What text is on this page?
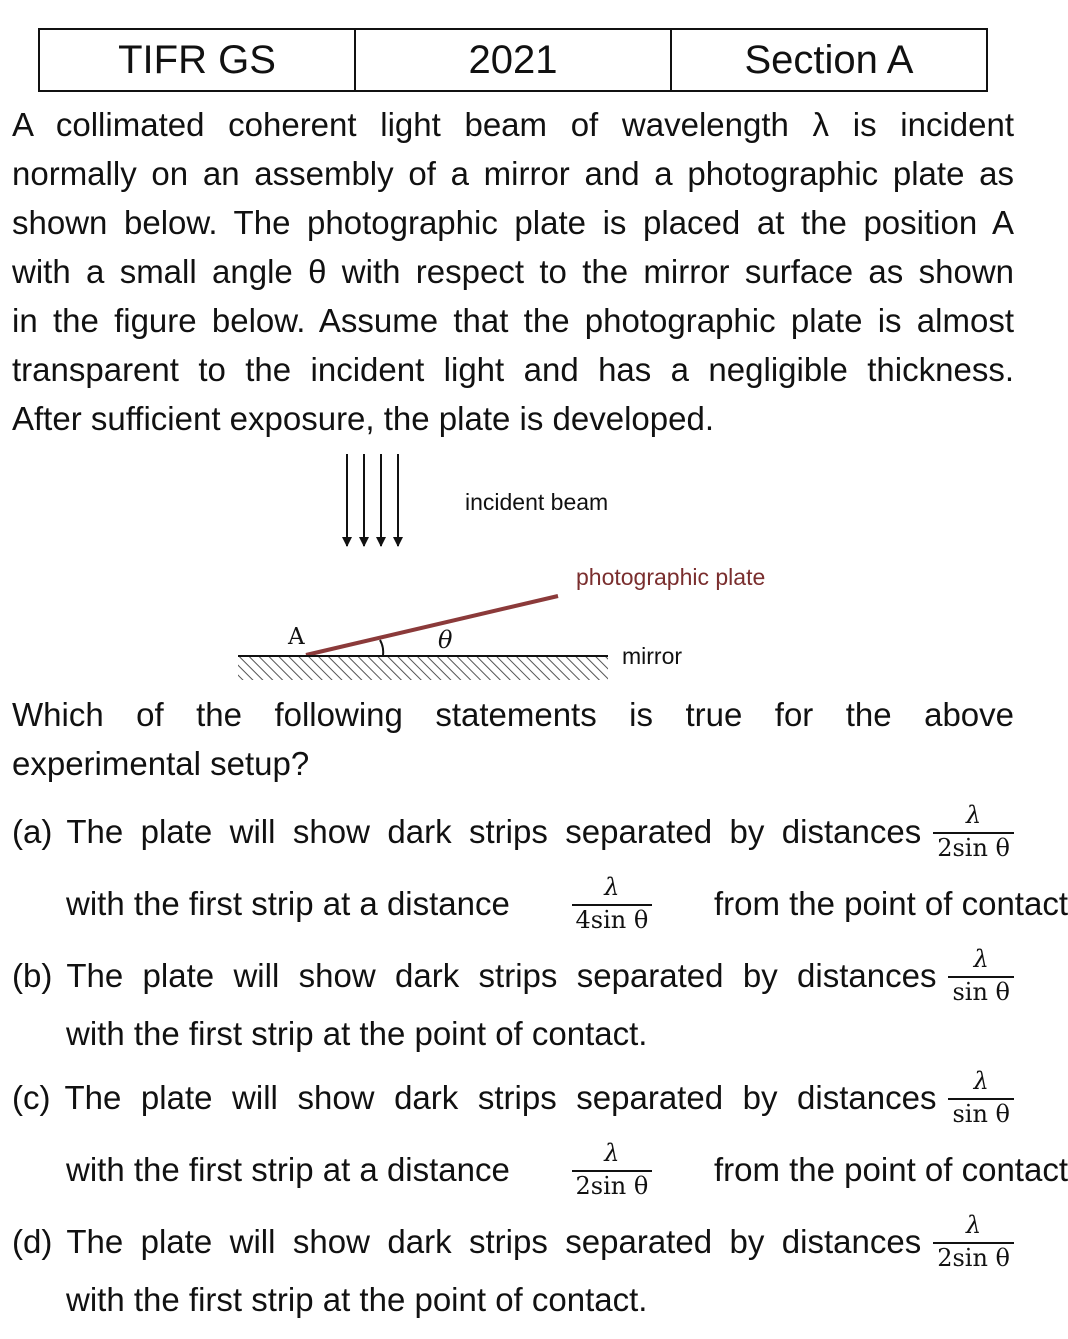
TIFR GS	2021	Section A
A collimated coherent light beam of wavelength λ is incident
normally on an assembly of a mirror and a photographic plate as
shown below. The photographic plate is placed at the position A
with a small angle θ with respect to the mirror surface as shown
in the figure below. Assume that the photographic plate is almost
transparent to the incident light and has a negligible thickness.
After sufficient exposure, the plate is developed.
incident beam
photographic plate
A	θ
mirror
Which of the following statements is true for the above
experimental setup?
(a) The plate will show dark strips separated by distances $\frac{\lambda}{\text{2sin θ}}$
with the first strip at a distance	$\frac{\lambda}{\text{4sin θ}}$ from the point of contact
(b) The plate will show dark strips separated by distances $\frac{\lambda}{\text{sin θ}}$
with the first strip at the point of contact.
(c) The plate will show dark strips separated by distances $\frac{\lambda}{\text{sin θ}}$
with the first strip at a distance	$\frac{\lambda}{\text{2sin θ}}$ from the point of contact
(d) The plate will show dark strips separated by distances $\frac{\lambda}{\text{2sin θ}}$
with the first strip at the point of contact.
